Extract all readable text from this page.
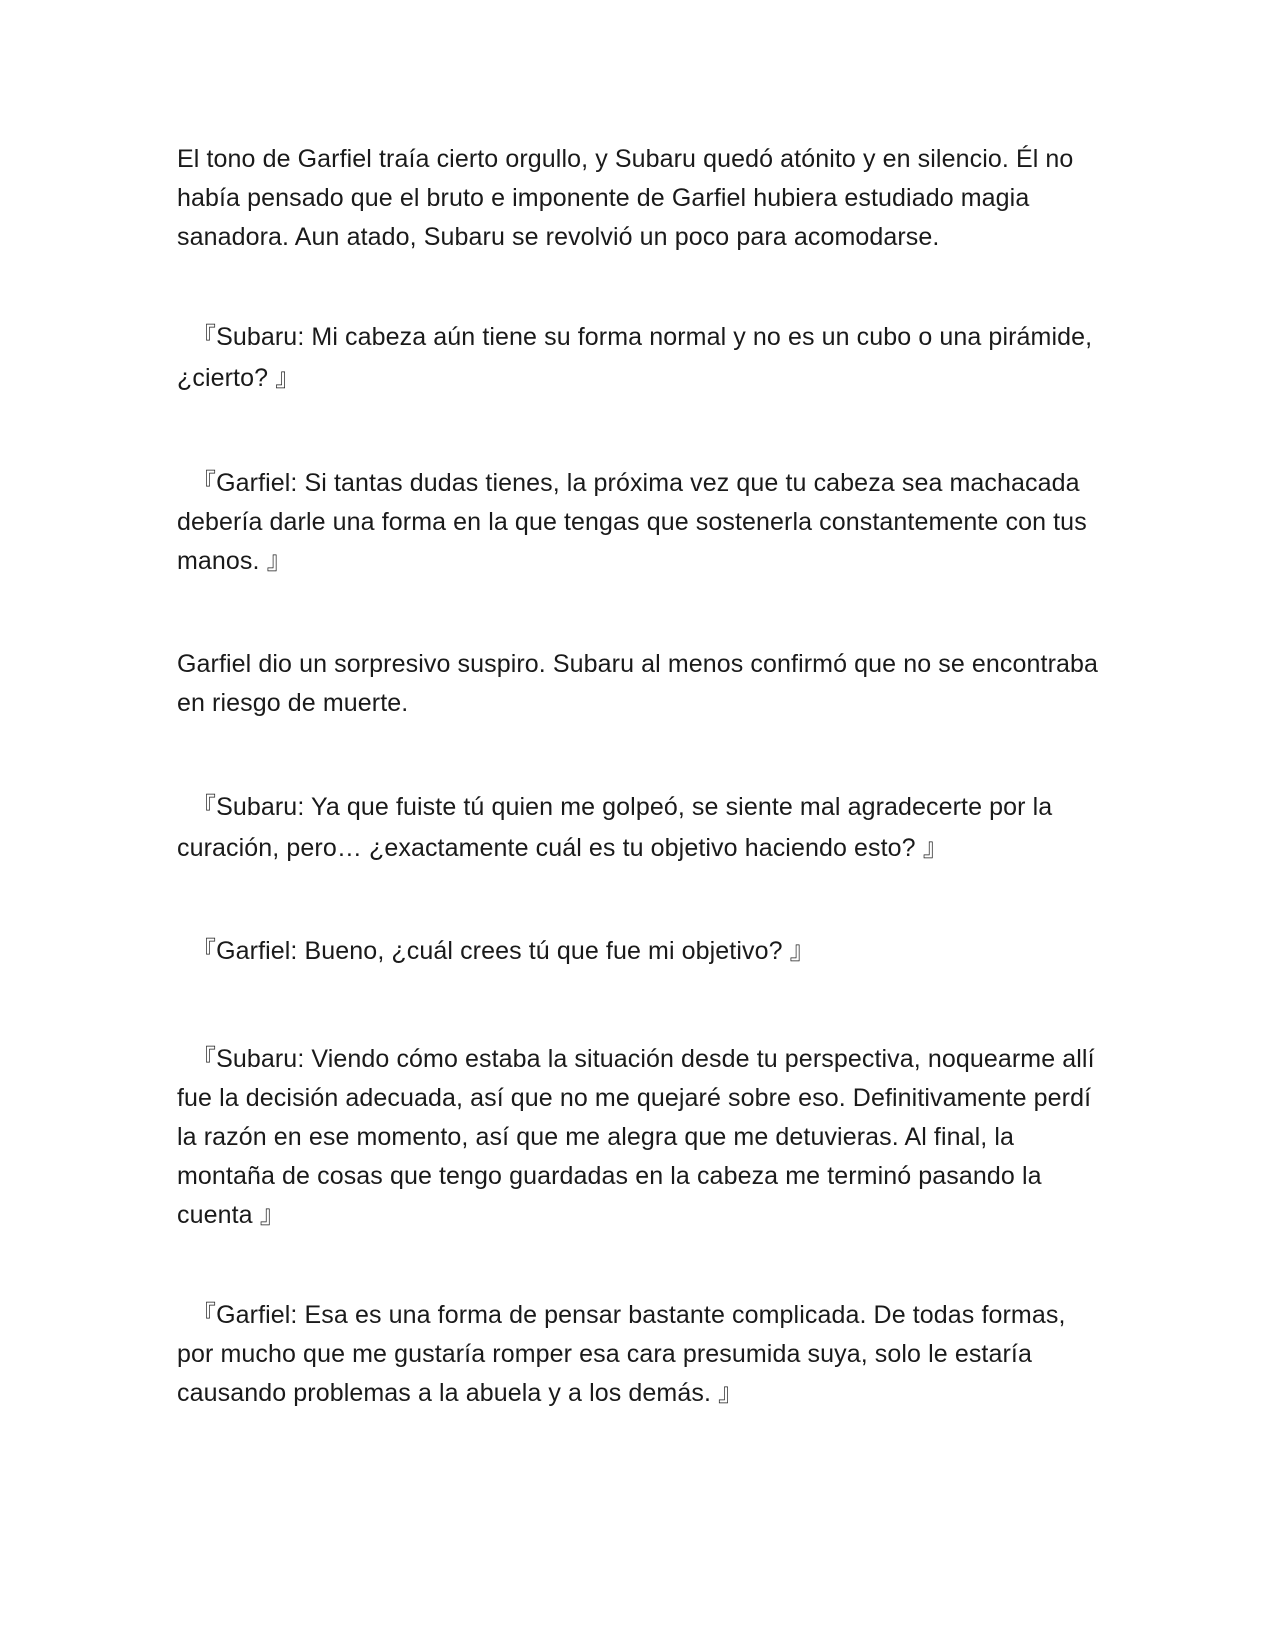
El tono de Garfiel traía cierto orgullo, y Subaru quedó atónito y en silencio. Él no había pensado que el bruto e imponente de Garfiel hubiera estudiado magia sanadora. Aun atado, Subaru se revolvió un poco para acomodarse.

『Subaru: Mi cabeza aún tiene su forma normal y no es un cubo o una pirámide, ¿cierto? 』

『Garfiel: Si tantas dudas tienes, la próxima vez que tu cabeza sea machacada debería darle una forma en la que tengas que sostenerla constantemente con tus manos. 』

Garfiel dio un sorpresivo suspiro. Subaru al menos confirmó que no se encontraba en riesgo de muerte.

『Subaru: Ya que fuiste tú quien me golpeó, se siente mal agradecerte por la curación, pero… ¿exactamente cuál es tu objetivo haciendo esto? 』

『Garfiel: Bueno, ¿cuál crees tú que fue mi objetivo? 』

『Subaru: Viendo cómo estaba la situación desde tu perspectiva, noquearme allí fue la decisión adecuada, así que no me quejaré sobre eso. Definitivamente perdí la razón en ese momento, así que me alegra que me detuvieras. Al final, la montaña de cosas que tengo guardadas en la cabeza me terminó pasando la cuenta 』

『Garfiel: Esa es una forma de pensar bastante complicada. De todas formas, por mucho que me gustaría romper esa cara presumida suya, solo le estaría causando problemas a la abuela y a los demás. 』
